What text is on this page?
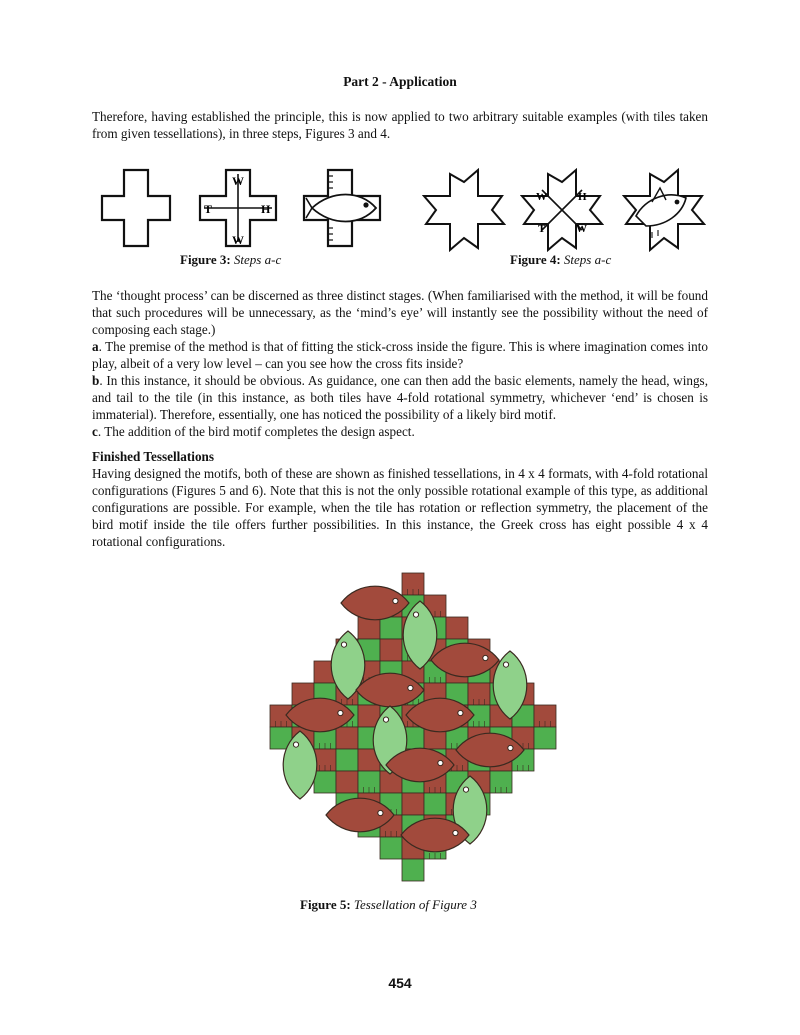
Part 2 - Application

Therefore, having established the principle, this is now applied to two arbitrary suitable examples (with tiles taken from given tessellations), in three steps, Figures 3 and 4.

W
T	H
W
W	H
T	W
Figure 3: Steps a-c	Figure 4: Steps a-c

The ‘thought process’ can be discerned as three distinct stages. (When familiarised with the method, it will be found that such procedures will be unnecessary, as the ‘mind’s eye’ will instantly see the possibility without the need of composing each stage.)
a. The premise of the method is that of fitting the stick-cross inside the figure. This is where imagination comes into play, albeit of a very low level – can you see how the cross fits inside?
b. In this instance, it should be obvious. As guidance, one can then add the basic elements, namely the head, wings, and tail to the tile (in this instance, as both tiles have 4-fold rotational symmetry, whichever ‘end’ is chosen is immaterial). Therefore, essentially, one has noticed the possibility of a likely bird motif.
c. The addition of the bird motif completes the design aspect.

Finished Tessellations
Having designed the motifs, both of these are shown as finished tessellations, in 4 x 4 formats, with 4-fold rotational configurations (Figures 5 and 6). Note that this is not the only possible rotational example of this type, as additional configurations are possible. For example, when the tile has rotation or reflection symmetry, the placement of the bird motif inside the tile offers further possibilities. In this instance, the Greek cross has eight possible 4 x 4 rotational configurations.

Figure 5: Tessellation of Figure 3
454
